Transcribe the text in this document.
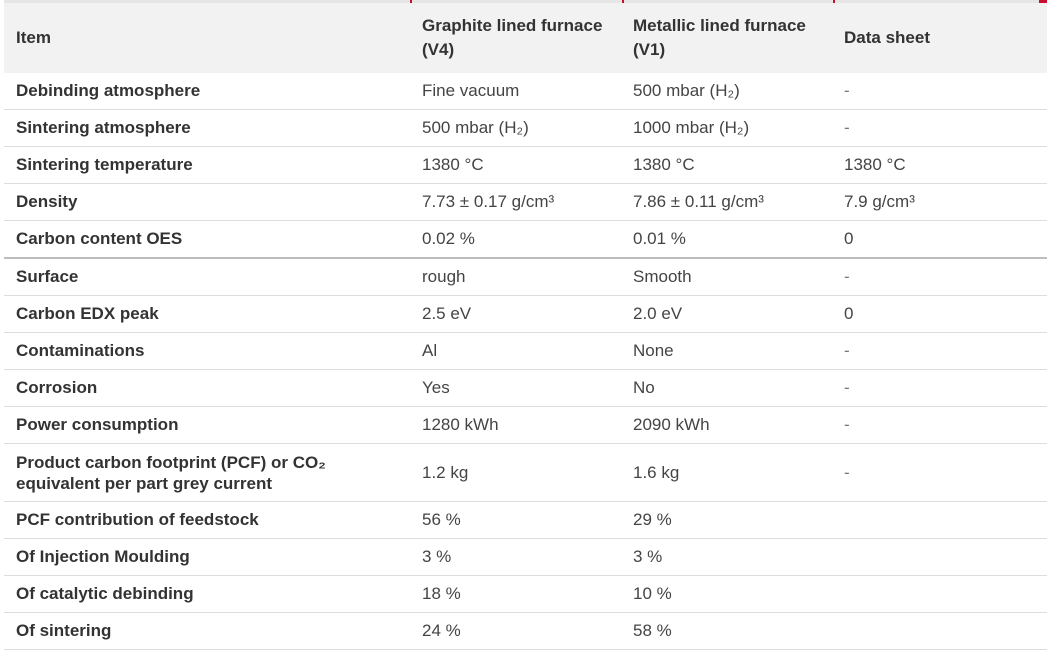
Item	Graphite lined furnace (V4)	Metallic lined furnace (V1)	Data sheet
Debinding atmosphere	Fine vacuum	500 mbar (H₂)	-
Sintering atmosphere	500 mbar (H₂)	1000 mbar (H₂)	-
Sintering temperature	1380 °C	1380 °C	1380 °C
Density	7.73 ± 0.17 g/cm³	7.86 ± 0.11 g/cm³	7.9 g/cm³
Carbon content OES	0.02 %	0.01 %	0
Surface	rough	Smooth	-
Carbon EDX peak	2.5 eV	2.0 eV	0
Contaminations	Al	None	-
Corrosion	Yes	No	-
Power consumption	1280 kWh	2090 kWh	-
Product carbon footprint (PCF) or CO₂ equivalent per part grey current	1.2 kg	1.6 kg	-
PCF contribution of feedstock	56 %	29 %	
Of Injection Moulding	3 %	3 %	
Of catalytic debinding	18 %	10 %	
Of sintering	24 %	58 %	
